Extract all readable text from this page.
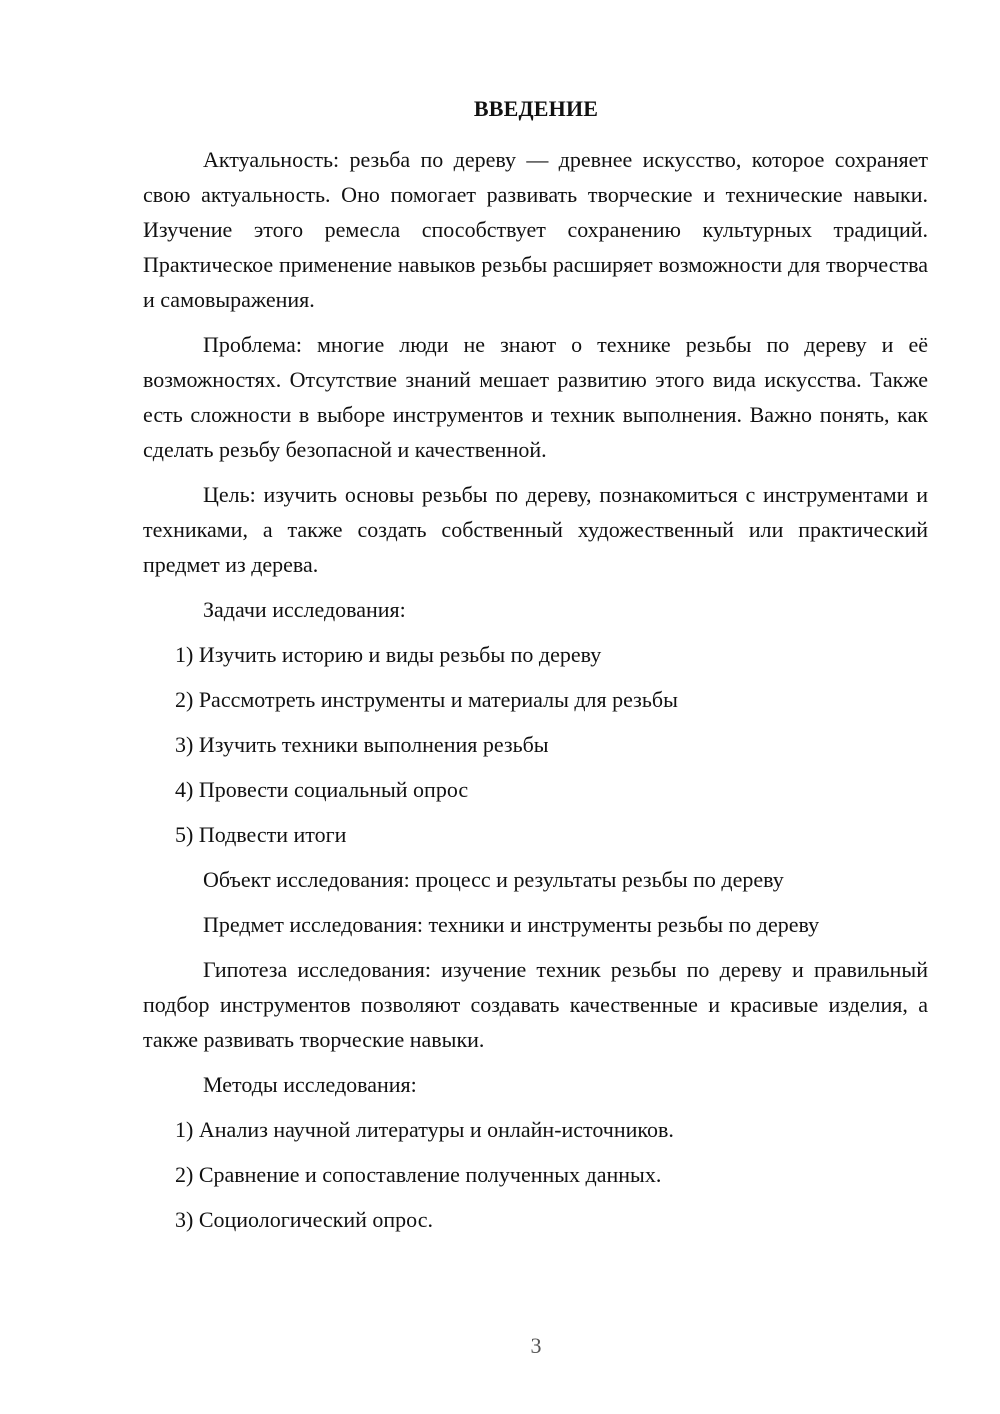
ВВЕДЕНИЕ

Актуальность: резьба по дереву — древнее искусство, которое сохраняет свою актуальность. Оно помогает развивать творческие и технические навыки. Изучение этого ремесла способствует сохранению культурных традиций. Практическое применение навыков резьбы расширяет возможности для творчества и самовыражения.

Проблема: многие люди не знают о технике резьбы по дереву и её возможностях. Отсутствие знаний мешает развитию этого вида искусства. Также есть сложности в выборе инструментов и техник выполнения. Важно понять, как сделать резьбу безопасной и качественной.

Цель: изучить основы резьбы по дереву, познакомиться с инструментами и техниками, а также создать собственный художественный или практический предмет из дерева.

Задачи исследования:

1) Изучить историю и виды резьбы по дереву

2) Рассмотреть инструменты и материалы для резьбы

3) Изучить техники выполнения резьбы

4) Провести социальный опрос

5) Подвести итоги

Объект исследования: процесс и результаты резьбы по дереву

Предмет исследования: техники и инструменты резьбы по дереву

Гипотеза исследования: изучение техник резьбы по дереву и правильный подбор инструментов позволяют создавать качественные и красивые изделия, а также развивать творческие навыки.

Методы исследования:

1) Анализ научной литературы и онлайн-источников.

2) Сравнение и сопоставление полученных данных.

3) Социологический опрос.

3
